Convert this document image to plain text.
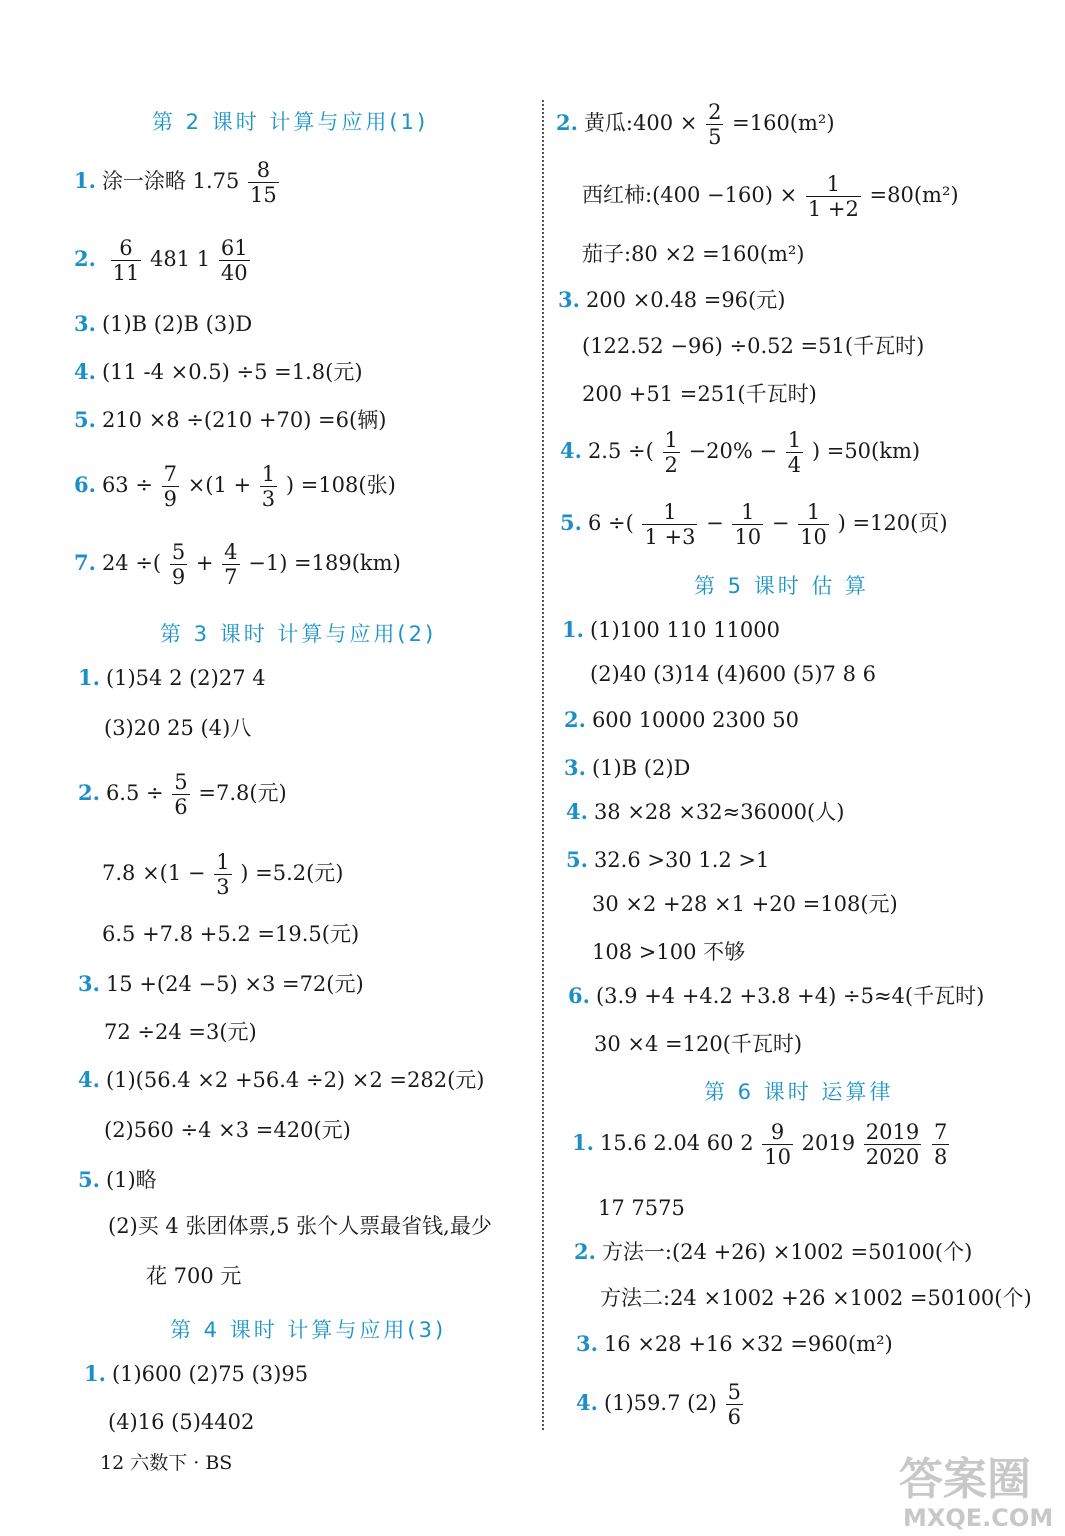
第 2 课时 计算与应用(1)
1. 涂一涂略 $1.75 \frac{8}{15}$
2. $\frac{6}{11} 481$ $1 \frac{61}{40}$
3. (1)B (2)B (3)D
4. (11 -4 ×0.5) ÷5 =1.8(元)
5. 210 ×8 ÷(210 +70) =6(辆)
6. $63 \div \frac{7}{9} \times(1 + \frac{1}{3}$ ) =108(张)
7. 24 ÷( $\frac{5}{9} + \frac{4}{7} -1) =189(km)$
第 3 课时 计算与应用(2)
1. (1)54 2 (2)27 4
(3)20 25 (4)八
2. $6.5 \div \frac{5}{6} =7.8$(元)
$7.8 \times(1 - \frac{1}{3}$ ) =5.2(元)
6.5 +7.8 +5.2 =19.5(元)
3. 15 +(24 −5) ×3 =72(元)
72 ÷24 =3(元)
4. (1)(56.4 ×2 +56.4 ÷2) ×2 =282(元)
(2)560 ÷4 ×3 =420(元)
5. (1)略
(2)买 4 张团体票,5 张个人票最省钱,最少
花 700 元
第 4 课时 计算与应用(3)
1. (1)600 (2)75 (3)95
(4)16 (5)4402
2. 黄瓜:400 × $\frac{2}{5} =160(m^2)$
西红柿:(400 $-160) \times \frac{1}{1 +2} =80(m^2)$
茄子:80 ×2 =160(m²)
3. 200 ×0.48 =96(元)
(122.52 −96) ÷0.52 =51(千瓦时)
200 +51 =251(千瓦时)
4. 2.5 ÷( $\frac{1}{2} -20\% - \frac{1}{4}$ ) =50(km)
5. 6 ÷( $\frac{1}{1 +3} - \frac{1}{10} - \frac{1}{10}$ ) =120(页)
第 5 课时 估 算
1. (1)100 110 11000
(2)40 (3)14 (4)600 (5)7 8 6
2. 600 10000 2300 50
3. (1)B (2)D
4. 38 ×28 ×32≈36000(人)
5. 32.6 >30 1.2 >1
30 ×2 +28 ×1 +20 =108(元)
108 >100 不够
6. (3.9 +4 +4.2 +3.8 +4) ÷5≈4(千瓦时)
30 ×4 =120(千瓦时)
第 6 课时 运算律
1. 15.6 2.04 60 $2 \frac{9}{10} 2019 \frac{2019}{2020}$
$\frac{7}{8}$
17 7575
2. 方法一:(24 +26) ×1002 =50100(个)
方法二:24 ×1002 +26 ×1002 =50100(个)
3. 16 ×28 +16 ×32 =960(m²)
4. (1)59.7 $(2) \frac{5}{6}$
12 六数下 · BS	答案圈
MXQE.COM
